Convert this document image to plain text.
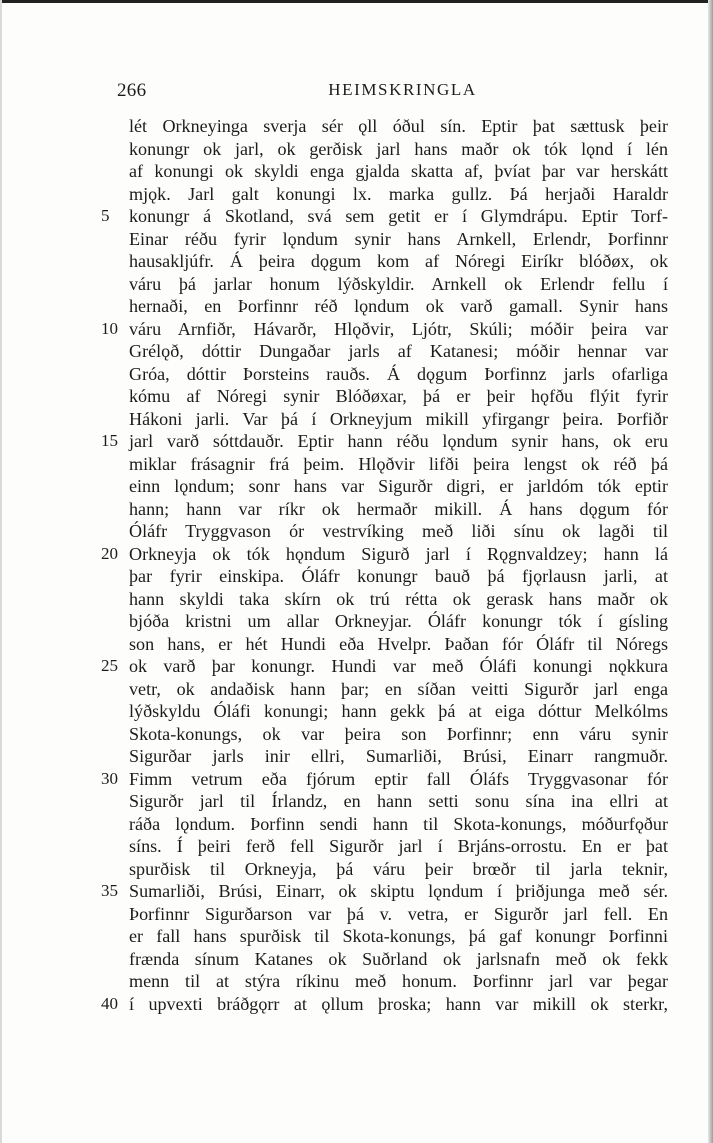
266	HEIMSKRINGLA
lét Orkneyinga sverja sér ǫll óðul sín. Eptir þat sættusk þeir
konungr ok jarl, ok gerðisk jarl hans maðr ok tók lǫnd í lén
af konungi ok skyldi enga gjalda skatta af, þvíat þar var herskátt
mjǫk. Jarl galt konungi lx. marka gullz. Þá herjaði Haraldr
5	konungr á Skotland, svá sem getit er í Glymdrápu. Eptir Torf-
Einar réðu fyrir lǫndum synir hans Arnkell, Erlendr, Þorfinnr
hausakljúfr. Á þeira dǫgum kom af Nóregi Eiríkr blóðøx, ok
váru þá jarlar honum lýðskyldir. Arnkell ok Erlendr fellu í
hernaði, en Þorfinnr réð lǫndum ok varð gamall. Synir hans
10 váru Arnfiðr, Hávarðr, Hlǫðvir, Ljótr, Skúli; móðir þeira var
Grélǫð, dóttir Dungaðar jarls af Katanesi; móðir hennar var
Gróa, dóttir Þorsteins rauðs. Á dǫgum Þorfinnz jarls ofarliga
kómu af Nóregi synir Blóðøxar, þá er þeir hǫfðu flýit fyrir
Hákoni jarli. Var þá í Orkneyjum mikill yfirgangr þeira. Þorfiðr
15 jarl varð sóttdauðr. Eptir hann réðu lǫndum synir hans, ok eru
miklar frásagnir frá þeim. Hlǫðvir lifði þeira lengst ok réð þá
einn lǫndum; sonr hans var Sigurðr digri, er jarldóm tók eptir
hann; hann var ríkr ok hermaðr mikill. Á hans dǫgum fór
Óláfr Tryggvason ór vestrvíking með liði sínu ok lagði til
20 Orkneyja ok tók hǫndum Sigurð jarl í Rǫgnvaldzey; hann lá
þar fyrir einskipa. Óláfr konungr bauð þá fjǫrlausn jarli, at
hann skyldi taka skírn ok trú rétta ok gerask hans maðr ok
bjóða kristni um allar Orkneyjar. Óláfr konungr tók í gísling
son hans, er hét Hundi eða Hvelpr. Þaðan fór Óláfr til Nóregs
25 ok varð þar konungr. Hundi var með Óláfi konungi nǫkkura
vetr, ok andaðisk hann þar; en síðan veitti Sigurðr jarl enga
lýðskyldu Óláfi konungi; hann gekk þá at eiga dóttur Melkólms
Skota-konungs, ok var þeira son Þorfinnr; enn váru synir
Sigurðar jarls inir ellri, Sumarliði, Brúsi, Einarr rangmuðr.
30 Fimm vetrum eða fjórum eptir fall Óláfs Tryggvasonar fór
Sigurðr jarl til Írlandz, en hann setti sonu sína ina ellri at
ráða lǫndum. Þorfinn sendi hann til Skota-konungs, móðurfǫður
síns. Í þeiri ferð fell Sigurðr jarl í Brjáns-orrostu. En er þat
spurðisk til Orkneyja, þá váru þeir brœðr til jarla teknir,
35 Sumarliði, Brúsi, Einarr, ok skiptu lǫndum í þriðjunga með sér.
Þorfinnr Sigurðarson var þá v. vetra, er Sigurðr jarl fell. En
er fall hans spurðisk til Skota-konungs, þá gaf konungr Þorfinni
frænda sínum Katanes ok Suðrland ok jarlsnafn með ok fekk
menn til at stýra ríkinu með honum. Þorfinnr jarl var þegar
40 í upvexti bráðgǫrr at ǫllum þroska; hann var mikill ok sterkr,
